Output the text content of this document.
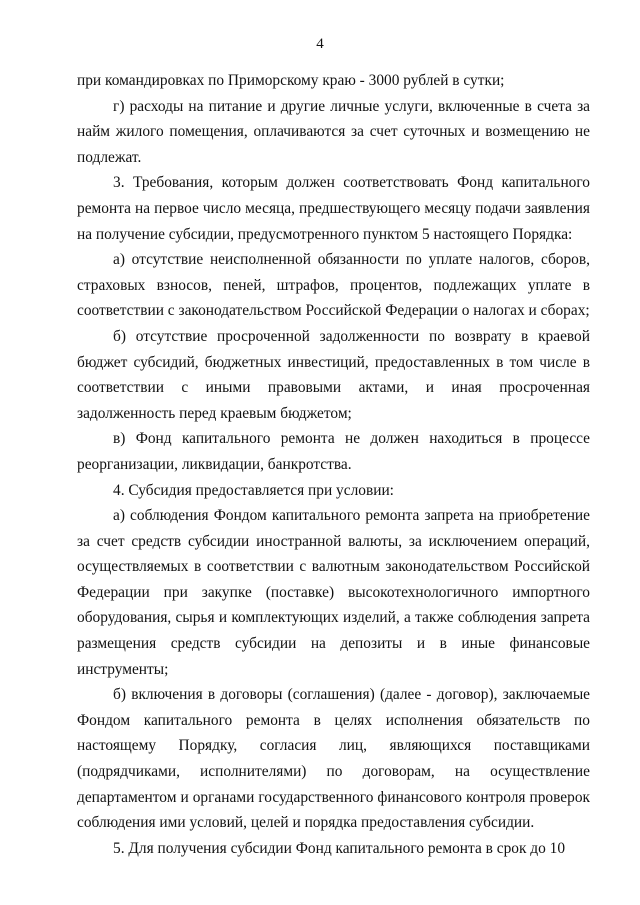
4

при командировках по Приморскому краю - 3000 рублей в сутки;

г) расходы на питание и другие личные услуги, включенные в счета за найм жилого помещения, оплачиваются за счет суточных и возмещению не подлежат.

3. Требования, которым должен соответствовать Фонд капитального ремонта на первое число месяца, предшествующего месяцу подачи заявления на получение субсидии, предусмотренного пунктом 5 настоящего Порядка:

а) отсутствие неисполненной обязанности по уплате налогов, сборов, страховых взносов, пеней, штрафов, процентов, подлежащих уплате в соответствии с законодательством Российской Федерации о налогах и сборах;

б) отсутствие просроченной задолженности по возврату в краевой бюджет субсидий, бюджетных инвестиций, предоставленных в том числе в соответствии с иными правовыми актами, и иная просроченная задолженность перед краевым бюджетом;

в) Фонд капитального ремонта не должен находиться в процессе реорганизации, ликвидации, банкротства.

4. Субсидия предоставляется при условии:

а) соблюдения Фондом капитального ремонта запрета на приобретение за счет средств субсидии иностранной валюты, за исключением операций, осуществляемых в соответствии с валютным законодательством Российской Федерации при закупке (поставке) высокотехнологичного импортного оборудования, сырья и комплектующих изделий, а также соблюдения запрета размещения средств субсидии на депозиты и в иные финансовые инструменты;

б) включения в договоры (соглашения) (далее - договор), заключаемые Фондом капитального ремонта в целях исполнения обязательств по настоящему Порядку, согласия лиц, являющихся поставщиками (подрядчиками, исполнителями) по договорам, на осуществление департаментом и органами государственного финансового контроля проверок соблюдения ими условий, целей и порядка предоставления субсидии.

5. Для получения субсидии Фонд капитального ремонта в срок до 10
